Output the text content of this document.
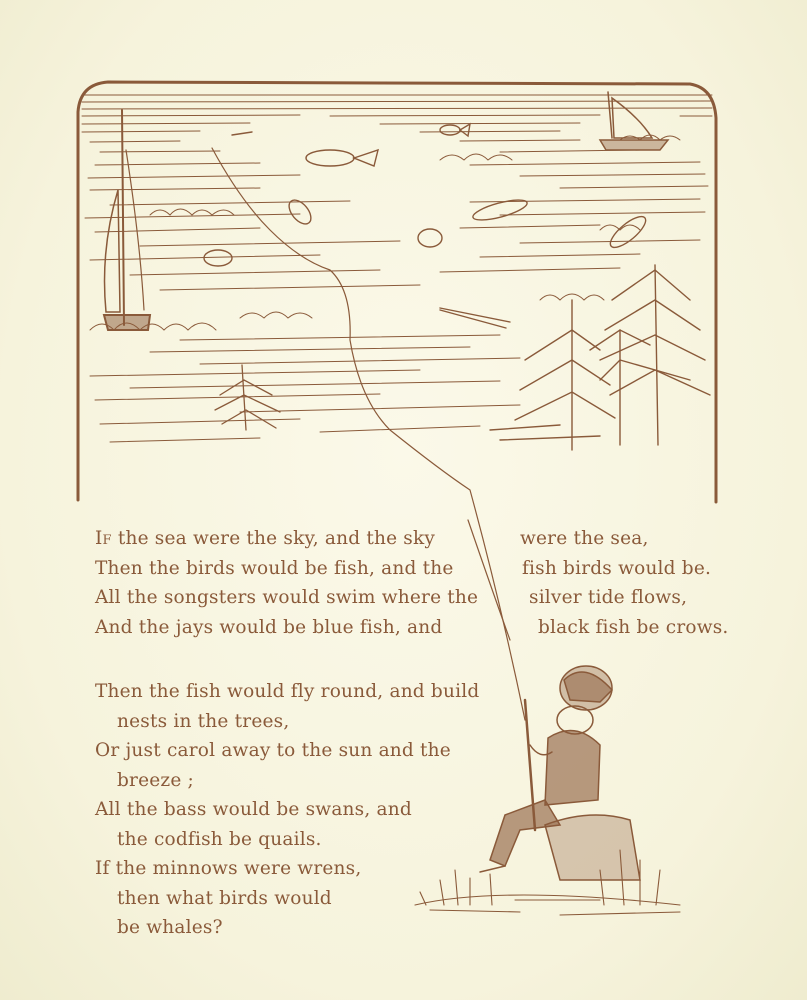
If the sea were the sky, and the sky
Then the birds would be fish, and the
All the songsters would swim where the
And the jays would be blue fish, and
were the sea,
fish birds would be.
silver tide flows,
black fish be crows.
Then the fish would fly round, and build
nests in the trees,
Or just carol away to the sun and the
breeze ;
All the bass would be swans, and
the codfish be quails.
If the minnows were wrens,
then what birds would
be whales?
